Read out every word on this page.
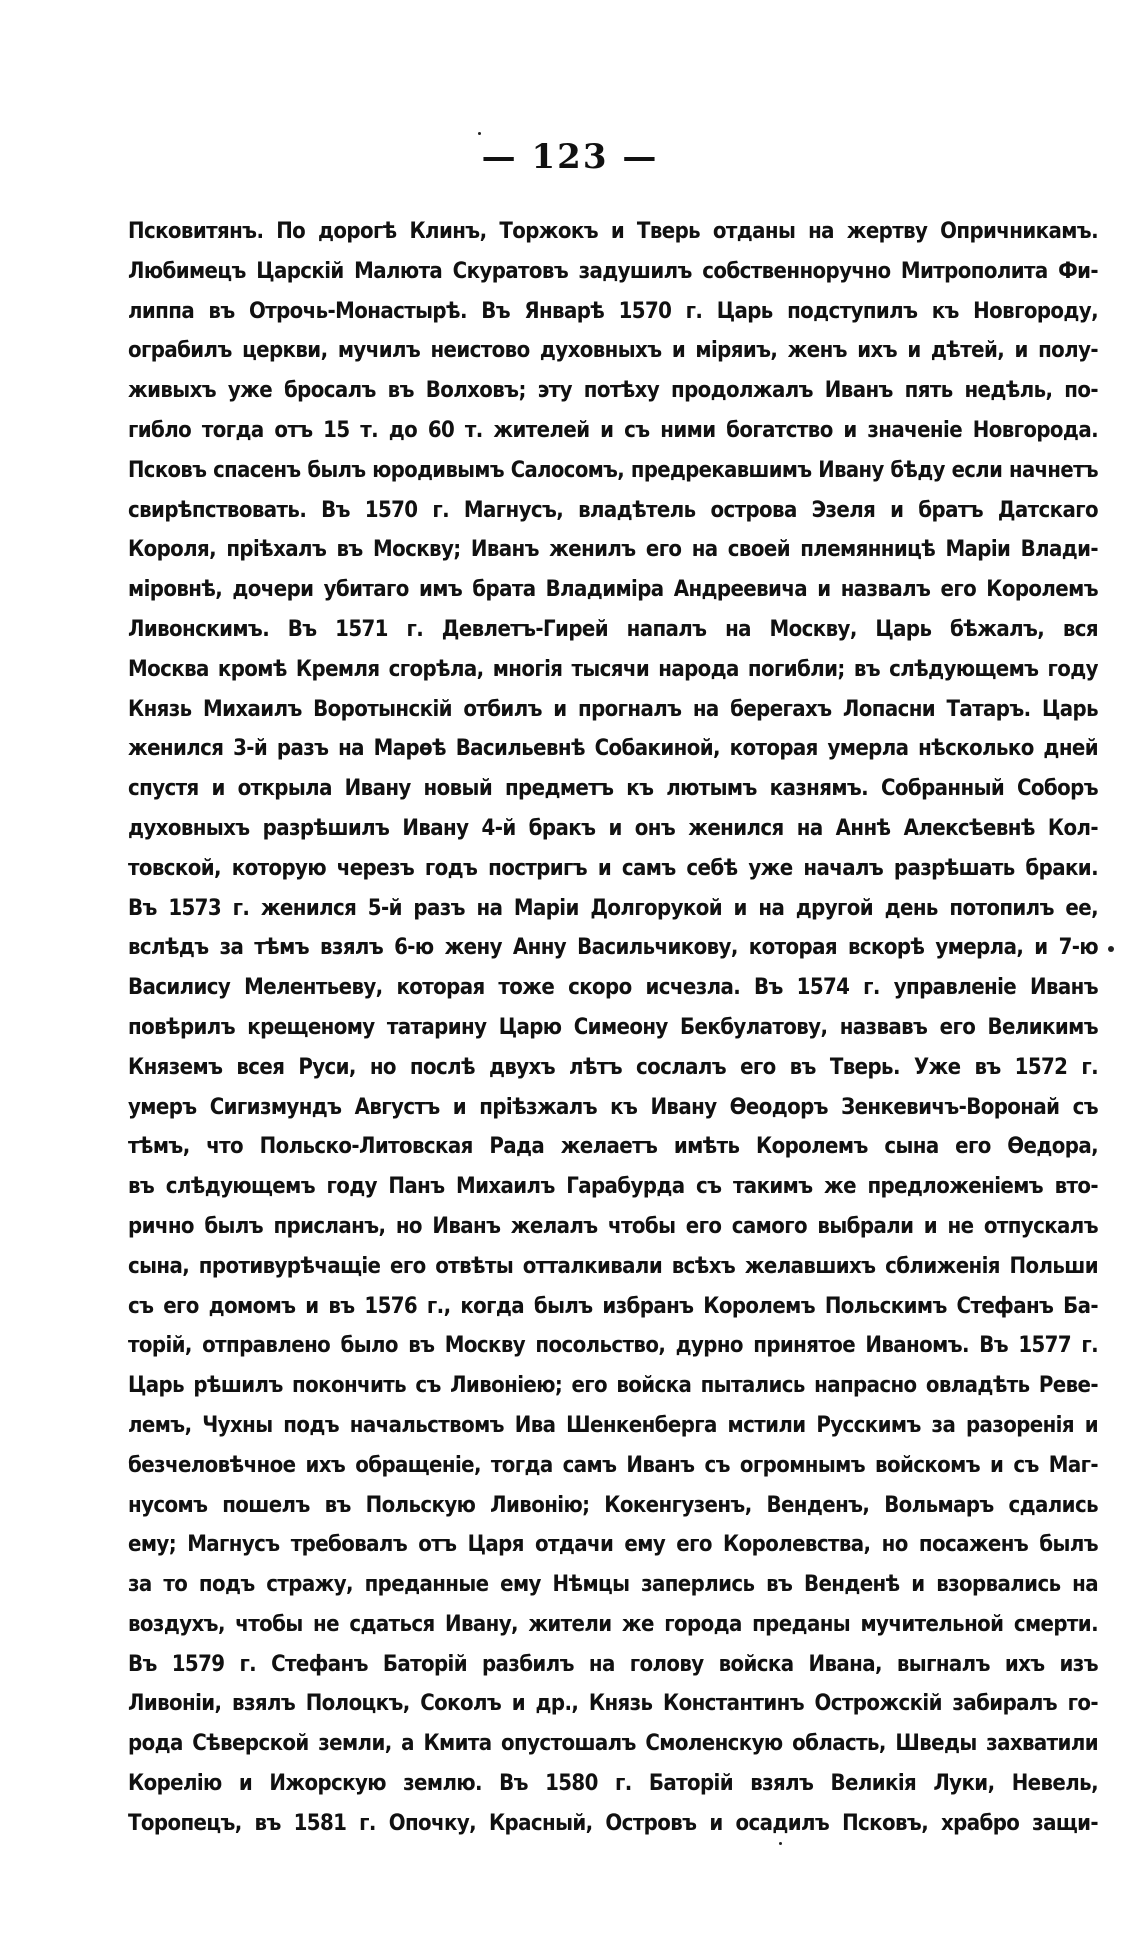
— 123 —
Псковитянъ. По дорогѣ Клинъ, Торжокъ и Тверь отданы на жертву Опричникамъ.
Любимецъ Царскій Малюта Скуратовъ задушилъ собственноручно Митрополита Фи-
липпа въ Отрочь-Монастырѣ. Въ Январѣ 1570 г. Царь подступилъ къ Новгороду,
ограбилъ церкви, мучилъ неистово духовныхъ и міряиъ, женъ ихъ и дѣтей, и полу-
живыхъ уже бросалъ въ Волховъ; эту потѣху продолжалъ Иванъ пять недѣль, по-
гибло тогда отъ 15 т. до 60 т. жителей и съ ними богатство и значеніе Новгорода.
Псковъ спасенъ былъ юродивымъ Салосомъ, предрекавшимъ Ивану бѣду если начнетъ
свирѣпствовать. Въ 1570 г. Магнусъ, владѣтель острова Эзеля и братъ Датскаго
Короля, пріѣхалъ въ Москву; Иванъ женилъ его на своей племянницѣ Маріи Влади-
міровнѣ, дочери убитаго имъ брата Владиміра Андреевича и назвалъ его Королемъ
Ливонскимъ. Въ 1571 г. Девлетъ-Гирей напалъ на Москву, Царь бѣжалъ, вся
Москва кромѣ Кремля сгорѣла, многія тысячи народа погибли; въ слѣдующемъ году
Князь Михаилъ Воротынскій отбилъ и прогналъ на берегахъ Лопасни Татаръ. Царь
женился 3-й разъ на Марѳѣ Васильевнѣ Собакиной, которая умерла нѣсколько дней
спустя и открыла Ивану новый предметъ къ лютымъ казнямъ. Собранный Соборъ
духовныхъ разрѣшилъ Ивану 4-й бракъ и онъ женился на Аннѣ Алексѣевнѣ Кол-
товской, которую черезъ годъ постригъ и самъ себѣ уже началъ разрѣшать браки.
Въ 1573 г. женился 5-й разъ на Маріи Долгорукой и на другой день потопилъ ее,
вслѣдъ за тѣмъ взялъ 6-ю жену Анну Васильчикову, которая вскорѣ умерла, и 7-ю
Василису Мелентьеву, которая тоже скоро исчезла. Въ 1574 г. управленіе Иванъ
повѣрилъ крещеному татарину Царю Симеону Бекбулатову, назвавъ его Великимъ
Княземъ всея Руси, но послѣ двухъ лѣтъ сослалъ его въ Тверь. Уже въ 1572 г.
умеръ Сигизмундъ Августъ и пріѣзжалъ къ Ивану Ѳеодоръ Зенкевичъ-Воронай съ
тѣмъ, что Польско-Литовская Рада желаетъ имѣть Королемъ сына его Ѳедора,
въ слѣдующемъ году Панъ Михаилъ Гарабурда съ такимъ же предложеніемъ вто-
рично былъ присланъ, но Иванъ желалъ чтобы его самого выбрали и не отпускалъ
сына, противурѣчащіе его отвѣты отталкивали всѣхъ желавшихъ сближенія Польши
съ его домомъ и въ 1576 г., когда былъ избранъ Королемъ Польскимъ Стефанъ Ба-
торій, отправлено было въ Москву посольство, дурно принятое Иваномъ. Въ 1577 г.
Царь рѣшилъ покончить съ Ливоніею; его войска пытались напрасно овладѣть Реве-
лемъ, Чухны подъ начальствомъ Ива Шенкенберга мстили Русскимъ за разоренія и
безчеловѣчное ихъ обращеніе, тогда самъ Иванъ съ огромнымъ войскомъ и съ Маг-
нусомъ пошелъ въ Польскую Ливонію; Кокенгузенъ, Венденъ, Вольмаръ сдались
ему; Магнусъ требовалъ отъ Царя отдачи ему его Королевства, но посаженъ былъ
за то подъ стражу, преданные ему Нѣмцы заперлись въ Венденѣ и взорвались на
воздухъ, чтобы не сдаться Ивану, жители же города преданы мучительной смерти.
Въ 1579 г. Стефанъ Баторій разбилъ на голову войска Ивана, выгналъ ихъ изъ
Ливоніи, взялъ Полоцкъ, Соколъ и др., Князь Константинъ Острожскій забиралъ го-
рода Сѣверской земли, а Кмита опустошалъ Смоленскую область, Шведы захватили
Корелію и Ижорскую землю. Въ 1580 г. Баторій взялъ Великія Луки, Невель,
Торопецъ, въ 1581 г. Опочку, Красный, Островъ и осадилъ Псковъ, храбро защи-
